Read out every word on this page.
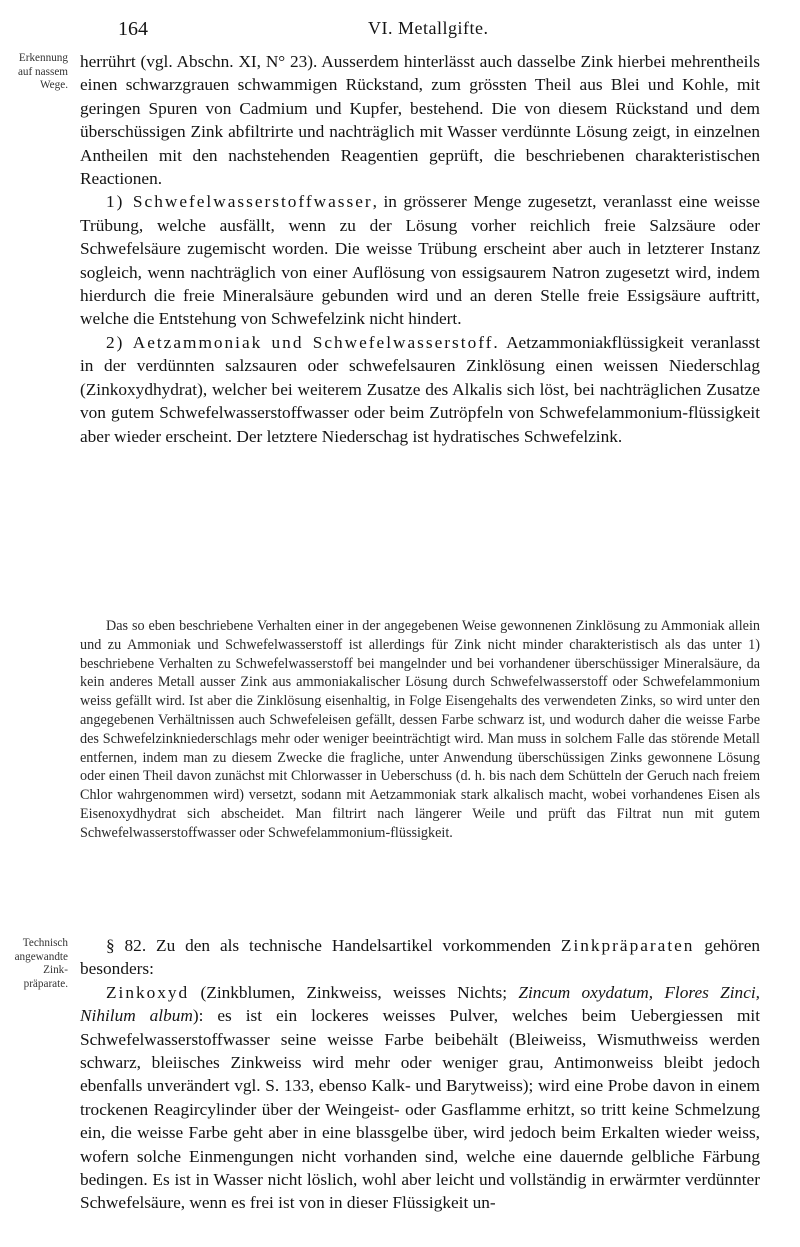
164	VI. Metallgifte.
Erkennung auf nassem Wege.

herrührt (vgl. Abschn. XI, N° 23). Ausserdem hinterlässt auch dasselbe Zink hierbei mehrentheils einen schwarzgrauen schwammigen Rückstand, zum grössten Theil aus Blei und Kohle, mit geringen Spuren von Cadmium und Kupfer, bestehend. Die von diesem Rückstand und dem überschüssigen Zink abfiltrirte und nachträglich mit Wasser verdünnte Lösung zeigt, in einzelnen Antheilen mit den nachstehenden Reagentien geprüft, die beschriebenen charakteristischen Reactionen.

1) Schwefelwasserstoffwasser, in grösserer Menge zugesetzt, veranlasst eine weisse Trübung, welche ausfällt, wenn zu der Lösung vorher reichlich freie Salzsäure oder Schwefelsäure zugemischt worden. Die weisse Trübung erscheint aber auch in letzterer Instanz sogleich, wenn nachträglich von einer Auflösung von essigsaurem Natron zugesetzt wird, indem hierdurch die freie Mineralsäure gebunden wird und an deren Stelle freie Essigsäure auftritt, welche die Entstehung von Schwefelzink nicht hindert.

2) Aetzammoniak und Schwefelwasserstoff. Aetzammoniakflüssigkeit veranlasst in der verdünnten salzsauren oder schwefelsauren Zinklösung einen weissen Niederschlag (Zinkoxydhydrat), welcher bei weiterem Zusatze des Alkalis sich löst, bei nachträglichen Zusatze von gutem Schwefelwasserstoffwasser oder beim Zutröpfeln von Schwefelammonium-flüssigkeit aber wieder erscheint. Der letztere Niederschag ist hydratisches Schwefelzink.

Das so eben beschriebene Verhalten einer in der angegebenen Weise gewonnenen Zinklösung zu Ammoniak allein und zu Ammoniak und Schwefelwasserstoff ist allerdings für Zink nicht minder charakteristisch als das unter 1) beschriebene Verhalten zu Schwefelwasserstoff bei mangelnder und bei vorhandener überschüssiger Mineralsäure, da kein anderes Metall ausser Zink aus ammoniakalischer Lösung durch Schwefelwasserstoff oder Schwefelammonium weiss gefällt wird. Ist aber die Zinklösung eisenhaltig, in Folge Eisengehalts des verwendeten Zinks, so wird unter den angegebenen Verhältnissen auch Schwefeleisen gefällt, dessen Farbe schwarz ist, und wodurch daher die weisse Farbe des Schwefelzinkniederschlags mehr oder weniger beeinträchtigt wird. Man muss in solchem Falle das störende Metall entfernen, indem man zu diesem Zwecke die fragliche, unter Anwendung überschüssigen Zinks gewonnene Lösung oder einen Theil davon zunächst mit Chlorwasser in Ueberschuss (d. h. bis nach dem Schütteln der Geruch nach freiem Chlor wahrgenommen wird) versetzt, sodann mit Aetzammoniak stark alkalisch macht, wobei vorhandenes Eisen als Eisenoxydhydrat sich abscheidet. Man filtrirt nach längerer Weile und prüft das Filtrat nun mit gutem Schwefelwasserstoffwasser oder Schwefelammonium-flüssigkeit.

Technisch angewandte Zink-präparate.

§ 82. Zu den als technische Handelsartikel vorkommenden Zinkpräparaten gehören besonders:

Zinkoxyd (Zinkblumen, Zinkweiss, weisses Nichts; Zincum oxydatum, Flores Zinci, Nihilum album): es ist ein lockeres weisses Pulver, welches beim Uebergiessen mit Schwefelwasserstoffwasser seine weisse Farbe beibehält (Bleiweiss, Wismuthweiss werden schwarz, bleiisches Zinkweiss wird mehr oder weniger grau, Antimonweiss bleibt jedoch ebenfalls unverändert vgl. S. 133, ebenso Kalk- und Barytweiss); wird eine Probe davon in einem trockenen Reagircylinder über der Weingeist- oder Gasflamme erhitzt, so tritt keine Schmelzung ein, die weisse Farbe geht aber in eine blassgelbe über, wird jedoch beim Erkalten wieder weiss, wofern solche Einmengungen nicht vorhanden sind, welche eine dauernde gelbliche Färbung bedingen. Es ist in Wasser nicht löslich, wohl aber leicht und vollständig in erwärmter verdünnter Schwefelsäure, wenn es frei ist von in dieser Flüssigkeit un-
